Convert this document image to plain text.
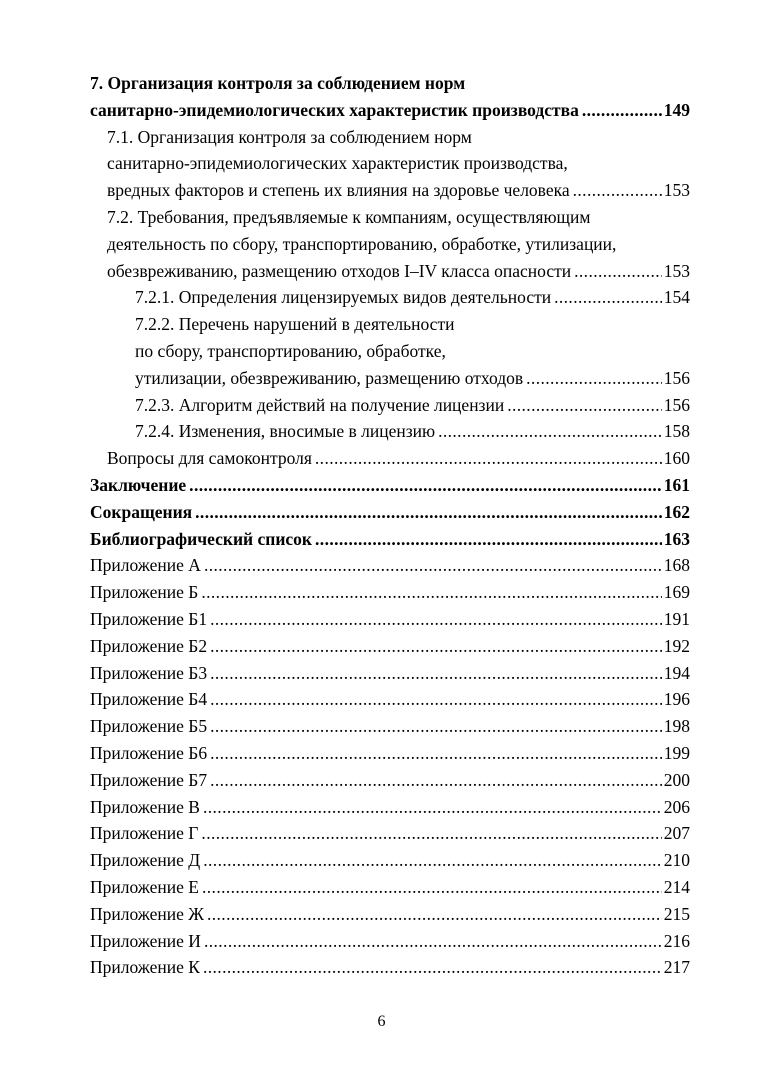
7. Организация контроля за соблюдением норм
санитарно-эпидемиологических характеристик производства .....	149
7.1. Организация контроля за соблюдением норм
санитарно-эпидемиологических характеристик производства,
вредных факторов и степень их влияния на здоровье человека .....	153
7.2. Требования, предъявляемые к компаниям, осуществляющим
деятельность по сбору, транспортированию, обработке, утилизации,
обезвреживанию, размещению отходов I–IV класса опасности .....	153
7.2.1. Определения лицензируемых видов деятельности .....	154
7.2.2. Перечень нарушений в деятельности
по сбору, транспортированию, обработке,
утилизации, обезвреживанию, размещению отходов .....	156
7.2.3. Алгоритм действий на получение лицензии .....	156
7.2.4. Изменения, вносимые в лицензию .....	158
Вопросы для самоконтроля .....	160
Заключение .....	161
Сокращения .....	162
Библиографический список .....	163
Приложение А .....	168
Приложение Б .....	169
Приложение Б1 .....	191
Приложение Б2 .....	192
Приложение Б3 .....	194
Приложение Б4 .....	196
Приложение Б5 .....	198
Приложение Б6 .....	199
Приложение Б7 .....	200
Приложение В .....	206
Приложение Г .....	207
Приложение Д .....	210
Приложение Е .....	214
Приложение Ж .....	215
Приложение И .....	216
Приложение К .....	217
6
